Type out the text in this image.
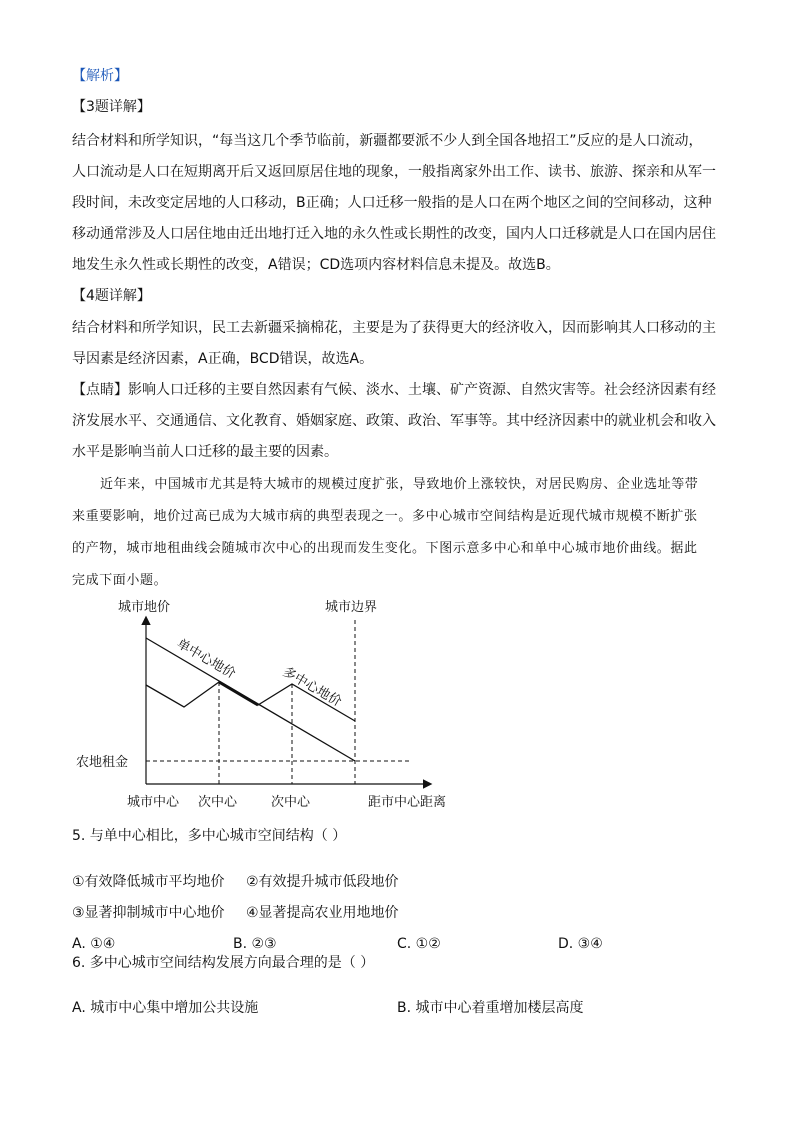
【解析】

【3题详解】

结合材料和所学知识，“每当这几个季节临前，新疆都要派不少人到全国各地招工”反应的是人口流动，

人口流动是人口在短期离开后又返回原居住地的现象，一般指离家外出工作、读书、旅游、探亲和从军一

段时间，未改变定居地的人口移动，B正确；人口迁移一般指的是人口在两个地区之间的空间移动，这种

移动通常涉及人口居住地由迁出地打迁入地的永久性或长期性的改变，国内人口迁移就是人口在国内居住

地发生永久性或长期性的改变，A错误；CD选项内容材料信息未提及。故选B。

【4题详解】

结合材料和所学知识，民工去新疆采摘棉花，主要是为了获得更大的经济收入，因而影响其人口移动的主

导因素是经济因素，A正确，BCD错误，故选A。

【点睛】影响人口迁移的主要自然因素有气候、淡水、土壤、矿产资源、自然灾害等。社会经济因素有经

济发展水平、交通通信、文化教育、婚姻家庭、政策、政治、军事等。其中经济因素中的就业机会和收入

水平是影响当前人口迁移的最主要的因素。

近年来，中国城市尤其是特大城市的规模过度扩张，导致地价上涨较快，对居民购房、企业选址等带

来重要影响，地价过高已成为大城市病的典型表现之一。多中心城市空间结构是近现代城市规模不断扩张

的产物，城市地租曲线会随城市次中心的出现而发生变化。下图示意多中心和单中心城市地价曲线。据此

完成下面小题。

城市地价	城市边界
农地租金
单中心地价
多中心地价
城市中心 次中心	次中心	距市中心距离

5. 与单中心相比，多中心城市空间结构（ ）

①有效降低城市平均地价 ②有效提升城市低段地价

③显著抑制城市中心地价 ④显著提高农业用地地价

A. ①④	B. ②③	C. ①②	D. ③④

6. 多中心城市空间结构发展方向最合理的是（ ）

A. 城市中心集中增加公共设施	B. 城市中心着重增加楼层高度
